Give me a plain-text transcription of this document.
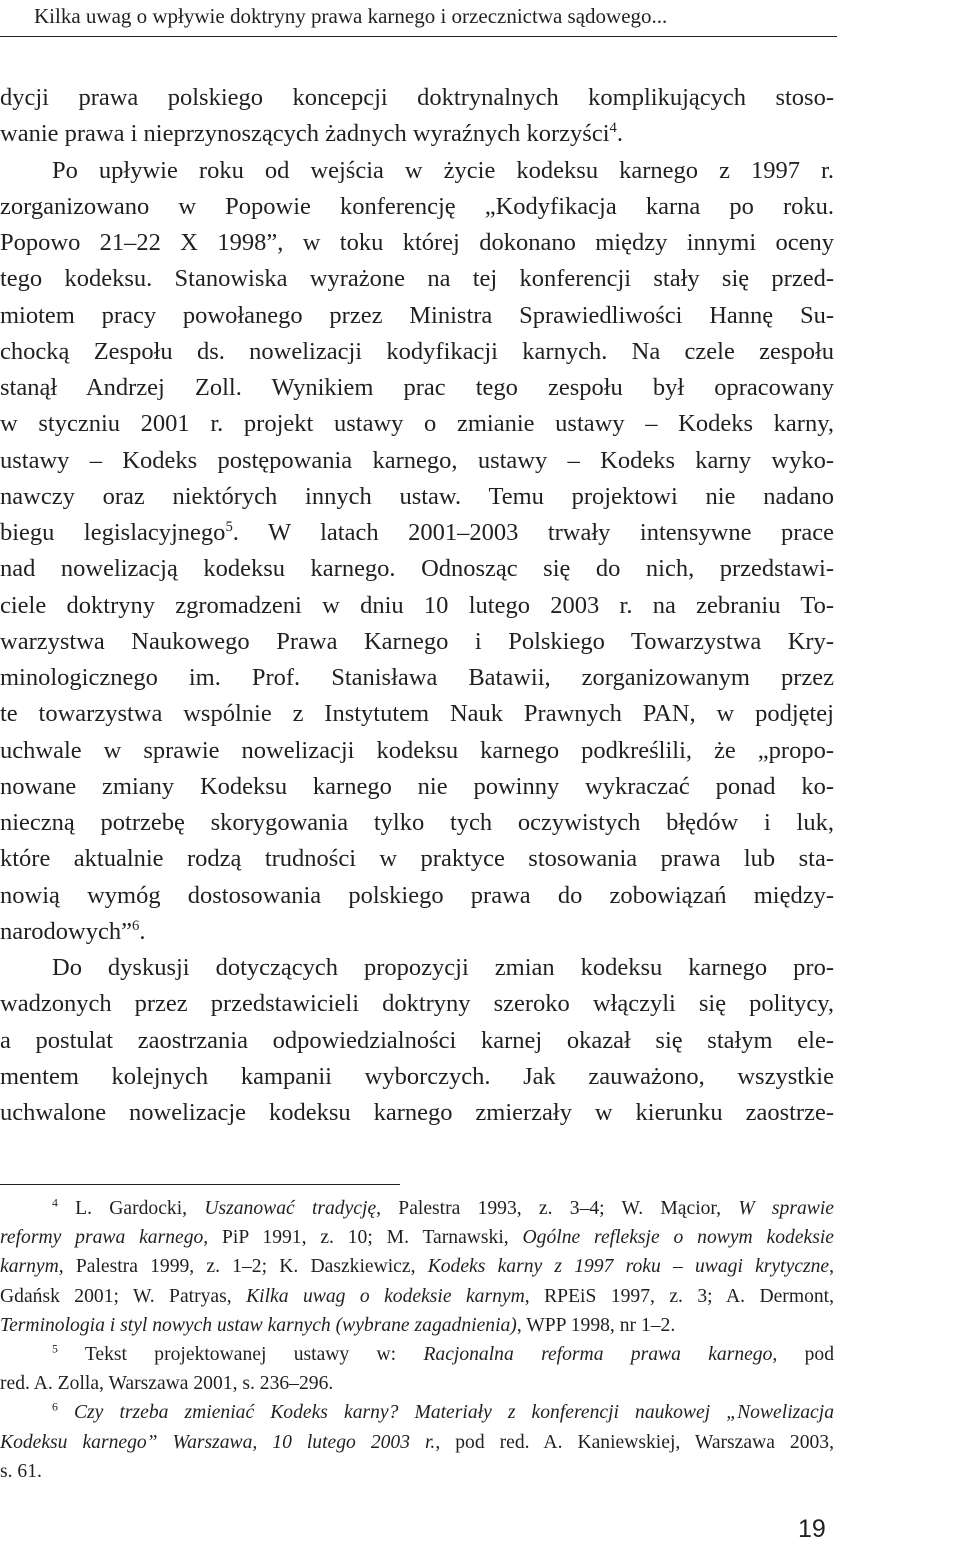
Kilka uwag o wpływie doktryny prawa karnego i orzecznictwa sądowego...
dycji prawa polskiego koncepcji doktrynalnych komplikujących stoso-
wanie prawa i nieprzynoszących żadnych wyraźnych korzyści$^4$.
Po upływie roku od wejścia w życie kodeksu karnego z 1997 r.
zorganizowano w Popowie konferencję „Kodyfikacja karna po roku.
Popowo 21–22 X 1998”, w toku której dokonano między innymi oceny
tego kodeksu. Stanowiska wyrażone na tej konferencji stały się przed-
miotem pracy powołanego przez Ministra Sprawiedliwości Hannę Su-
chocką Zespołu ds. nowelizacji kodyfikacji karnych. Na czele zespołu
stanął Andrzej Zoll. Wynikiem prac tego zespołu był opracowany
w styczniu 2001 r. projekt ustawy o zmianie ustawy – Kodeks karny,
ustawy – Kodeks postępowania karnego, ustawy – Kodeks karny wyko-
nawczy oraz niektórych innych ustaw. Temu projektowi nie nadano
biegu legislacyjnego$^5$. W latach 2001–2003 trwały intensywne prace
nad nowelizacją kodeksu karnego. Odnosząc się do nich, przedstawi-
ciele doktryny zgromadzeni w dniu 10 lutego 2003 r. na zebraniu To-
warzystwa Naukowego Prawa Karnego i Polskiego Towarzystwa Kry-
minologicznego im. Prof. Stanisława Batawii, zorganizowanym przez
te towarzystwa wspólnie z Instytutem Nauk Prawnych PAN, w podjętej
uchwale w sprawie nowelizacji kodeksu karnego podkreślili, że „propo-
nowane zmiany Kodeksu karnego nie powinny wykraczać ponad ko-
nieczną potrzebę skorygowania tylko tych oczywistych błędów i luk,
które aktualnie rodzą trudności w praktyce stosowania prawa lub sta-
nowią wymóg dostosowania polskiego prawa do zobowiązań między-
narodowych”$^6$.
Do dyskusji dotyczących propozycji zmian kodeksu karnego pro-
wadzonych przez przedstawicieli doktryny szeroko włączyli się politycy,
a postulat zaostrzania odpowiedzialności karnej okazał się stałym ele-
mentem kolejnych kampanii wyborczych. Jak zauważono, wszystkie
uchwalone nowelizacje kodeksu karnego zmierzały w kierunku zaostrze-
$^4$ L. Gardocki, Uszanować tradycję, Palestra 1993, z. 3–4; W. Mącior, W sprawie
reformy prawa karnego, PiP 1991, z. 10; M. Tarnawski, Ogólne refleksje o nowym kodeksie
karnym, Palestra 1999, z. 1–2; K. Daszkiewicz, Kodeks karny z 1997 roku – uwagi krytyczne,
Gdańsk 2001; W. Patryas, Kilka uwag o kodeksie karnym, RPEiS 1997, z. 3; A. Dermont,
Terminologia i styl nowych ustaw karnych (wybrane zagadnienia), WPP 1998, nr 1–2.
$^5$ Tekst projektowanej ustawy w: Racjonalna reforma prawa karnego, pod
red. A. Zolla, Warszawa 2001, s. 236–296.
$^6$ Czy trzeba zmieniać Kodeks karny? Materiały z konferencji naukowej „Nowelizacja
Kodeksu karnego” Warszawa, 10 lutego 2003 r., pod red. A. Kaniewskiej, Warszawa 2003,
s. 61.
19
